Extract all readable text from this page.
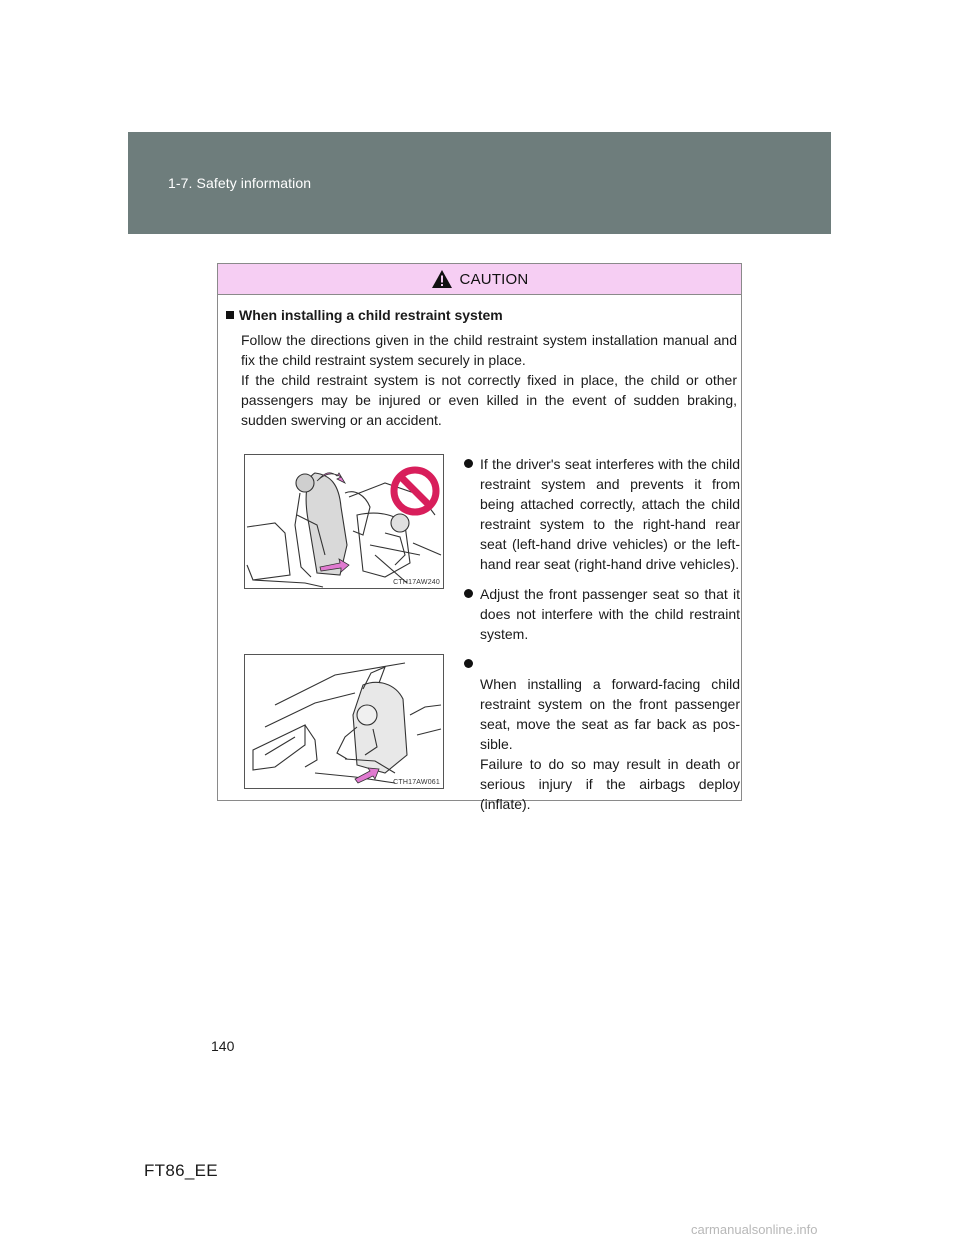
1-7. Safety information
CAUTION

When installing a child restraint system

Follow the directions given in the child restraint system installation manual and fix the child restraint system securely in place.

If the child restraint system is not correctly fixed in place, the child or other passengers may be injured or even killed in the event of sudden braking, sudden swerving or an accident.

CTH17AW240
If the driver's seat interferes with the child restraint system and prevents it from being attached correctly, attach the child restraint system to the right-hand rear seat (left-hand drive vehicles) or the left-hand rear seat (right-hand drive vehicles).
Adjust the front passenger seat so that it does not interfere with the child restraint system.
CTH17AW061

When installing a forward-facing child restraint system on the front passenger seat, move the seat as far back as pos-sible.
Failure to do so may result in death or serious injury if the airbags deploy (inflate).

140
FT86_EE
carmanualsonline.info
